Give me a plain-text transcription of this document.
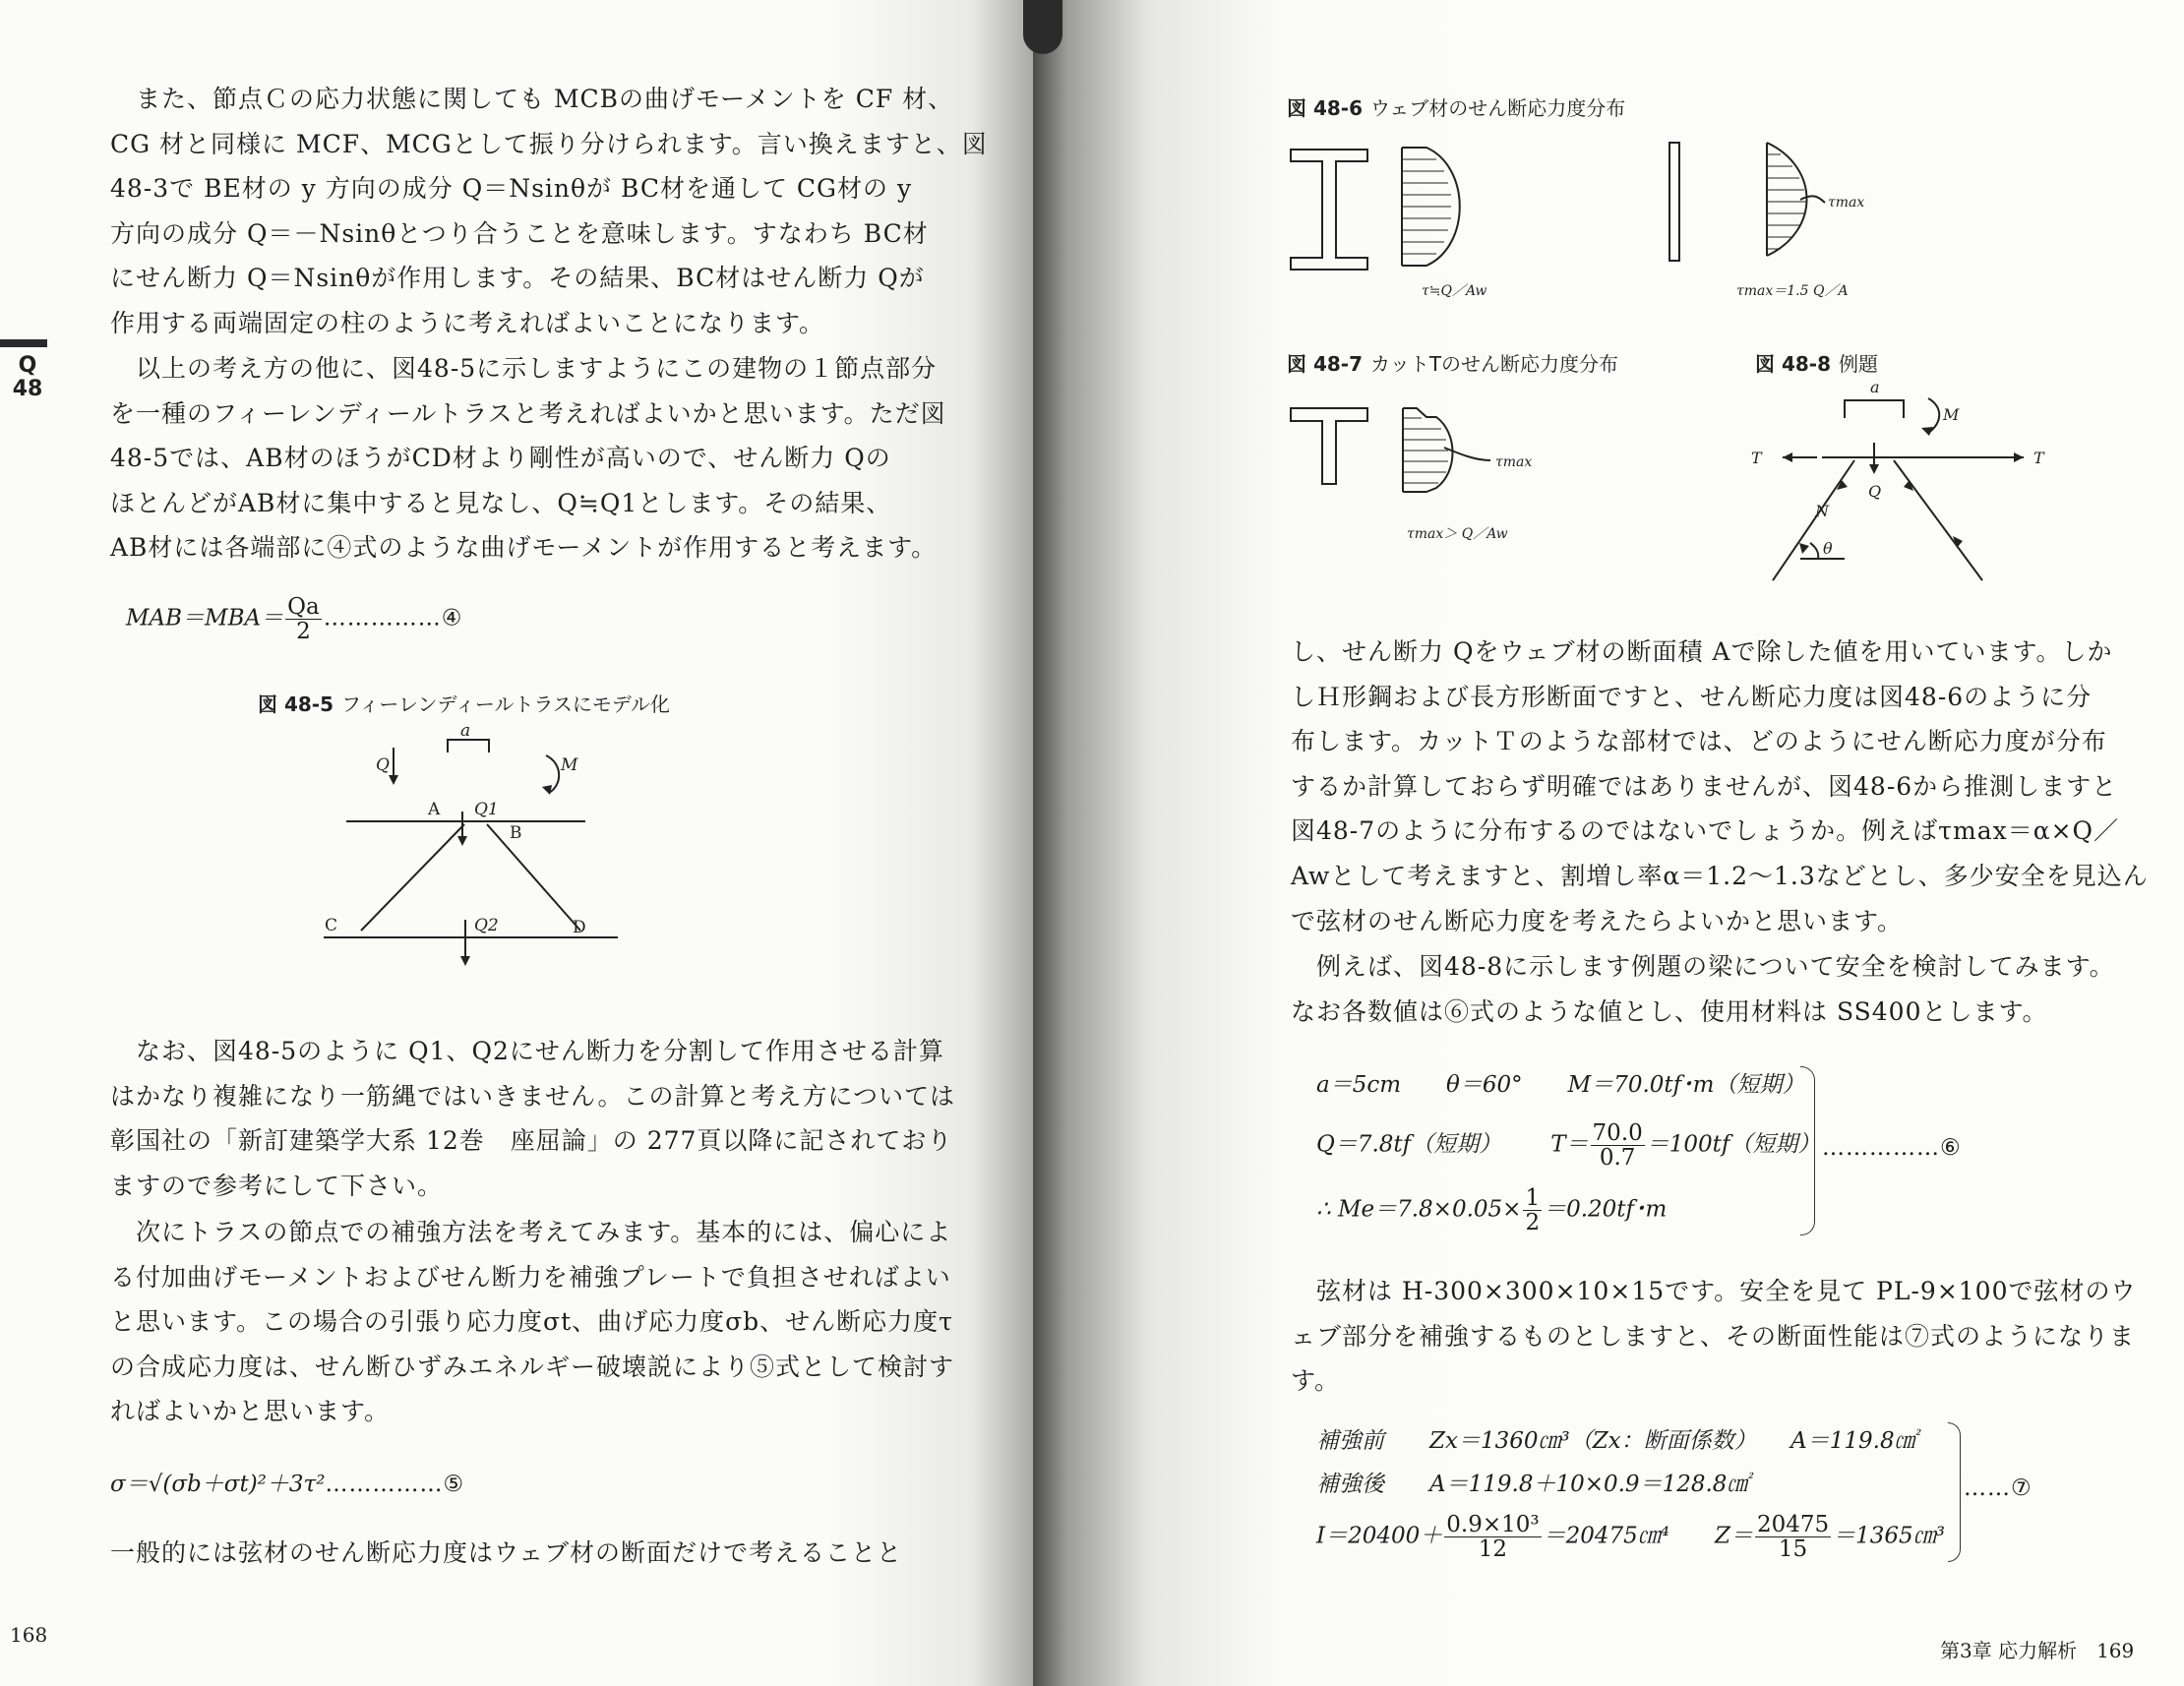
Q
48
また、節点Ｃの応力状態に関しても MCBの曲げモーメントを CF 材、
CG 材と同様に MCF、MCGとして振り分けられます。言い換えますと、図
48-3で BE材の y 方向の成分 Q＝Nsinθが BC材を通して CG材の y
方向の成分 Q＝－Nsinθとつり合うことを意味します。すなわち BC材
にせん断力 Q＝Nsinθが作用します。その結果、BC材はせん断力 Qが
作用する両端固定の柱のように考えればよいことになります。
以上の考え方の他に、図48-5に示しますようにこの建物の１節点部分
を一種のフィーレンディールトラスと考えればよいかと思います。ただ図
48-5では、AB材のほうがCD材より剛性が高いので、せん断力 Qの
ほとんどがAB材に集中すると見なし、Q≒Q1とします。その結果、
AB材には各端部に④式のような曲げモーメントが作用すると考えます。
$MAB=MBA= \frac{Qa}{2}$ ……………④
図 48-5 フィーレンディールトラスにモデル化
a
Q	M
A Q1
B
C	Q2	D
なお、図48-5のように Q1、Q2にせん断力を分割して作用させる計算
はかなり複雑になり一筋縄ではいきません。この計算と考え方については
彰国社の「新訂建築学大系 12巻　座屈論」の 277頁以降に記されており
ますので参考にして下さい。
次にトラスの節点での補強方法を考えてみます。基本的には、偏心によ
る付加曲げモーメントおよびせん断力を補強プレートで負担させればよい
と思います。この場合の引張り応力度σt、曲げ応力度σb、せん断応力度τ
の合成応力度は、せん断ひずみエネルギー破壊説により⑤式として検討す
ればよいかと思います。
σ＝√(σb＋σt)²＋3τ²……………⑤
一般的には弦材のせん断応力度はウェブ材の断面だけで考えることと
168
図 48-6 ウェブ材のせん断応力度分布
τmax
τ≒Q／Aw	τmax＝1.5 Q／A
図 48-7 カットTのせん断応力度分布
τmax
τmax＞ Q／Aw
図 48-8 例題
a
M
T	T
Q
N
θ
し、せん断力 Qをウェブ材の断面積 Aで除した値を用いています。しか
しＨ形鋼および長方形断面ですと、せん断応力度は図48-6のように分
布します。カットＴのような部材では、どのようにせん断応力度が分布
するか計算しておらず明確ではありませんが、図48-6から推測しますと
図48-7のように分布するのではないでしょうか。例えばτmax＝α×Q／
Awとして考えますと、割増し率α＝1.2～1.3などとし、多少安全を見込ん
で弦材のせん断応力度を考えたらよいかと思います。
例えば、図48-8に示します例題の梁について安全を検討してみます。
なお各数値は⑥式のような値とし、使用材料は SS400とします。
a＝5cm　　θ＝60°　　M＝70.0tf･m（短期）
Q＝7.8tf（短期） $T= \frac{70.0}{0.7} =100tf$（短期）
∴ $Me=7.8\times 0.05\times \frac{1}{2} =0.20tf$･m
……………⑥
弦材は H-300×300×10×15です。安全を見て PL-9×100で弦材のウ
ェブ部分を補強するものとしますと、その断面性能は⑦式のようになりま
す。
補強前　　Zx＝1360㎝³（Zx：断面係数）　　A＝119.8㎠
補強後　　A＝119.8＋10×0.9＝128.8㎠
$I=20400+ \frac{\text{0.9×10³}}{12}$ ＝20475㎝⁴　　$Z= \frac{20475}{15}$ ＝1365㎝³
……⑦
第3章 応力解析　169
